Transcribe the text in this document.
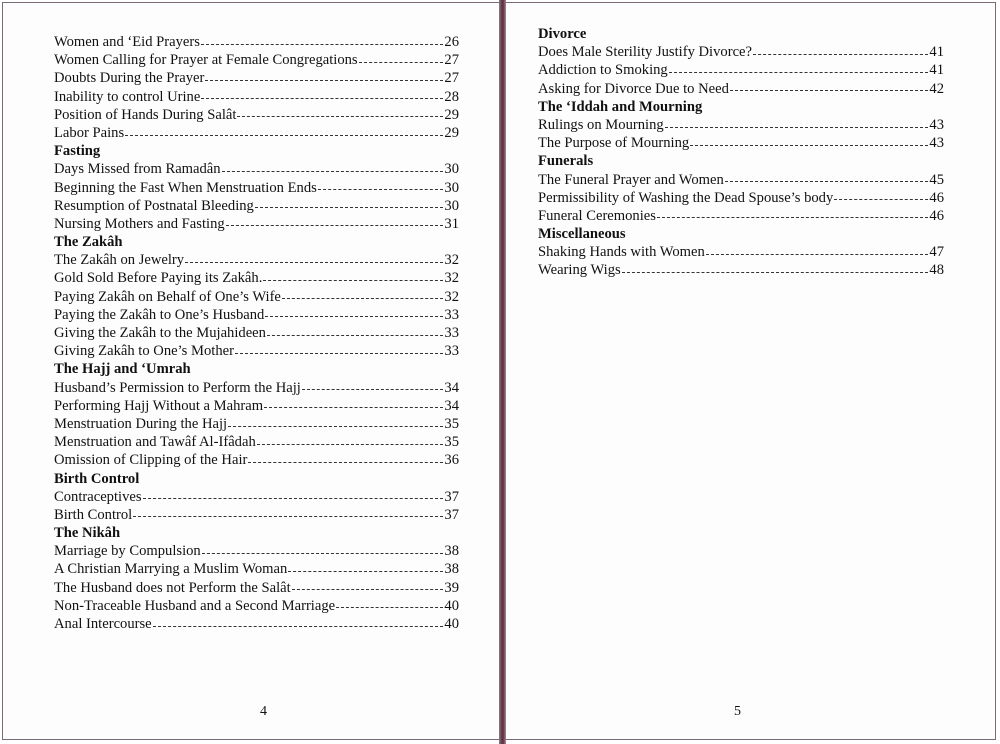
Women and ‘Eid Prayers	26
Women Calling for Prayer at Female Congregations	27
Doubts During the Prayer	27
Inability to control Urine	28
Position of Hands During Salât	29
Labor Pains	29
Fasting
Days Missed from Ramadân	30
Beginning the Fast When Menstruation Ends	30
Resumption of Postnatal Bleeding	30
Nursing Mothers and Fasting	31
The Zakâh
The Zakâh on Jewelry	32
Gold Sold Before Paying its Zakâh.	32
Paying Zakâh on Behalf of One’s Wife	32
Paying the Zakâh to One’s Husband	33
Giving the Zakâh to the Mujahideen	33
Giving Zakâh to One’s Mother	33
The Hajj and ‘Umrah
Husband’s Permission to Perform the Hajj	34
Performing Hajj Without a Mahram	34
Menstruation During the Hajj	35
Menstruation and Tawâf Al-Ifâdah	35
Omission of Clipping of the Hair	36
Birth Control
Contraceptives	37
Birth Control	37
The Nikâh
Marriage by Compulsion	38
A Christian Marrying a Muslim Woman	38
The Husband does not Perform the Salât	39
Non-Traceable Husband and a Second Marriage	40
Anal Intercourse	40
4
Divorce
Does Male Sterility Justify Divorce?	41
Addiction to Smoking	41
Asking for Divorce Due to Need	42
The ‘Iddah and Mourning
Rulings on Mourning	43
The Purpose of Mourning	43
Funerals
The Funeral Prayer and Women	45
Permissibility of Washing the Dead Spouse’s body	46
Funeral Ceremonies	46
Miscellaneous
Shaking Hands with Women	47
Wearing Wigs	48
5
